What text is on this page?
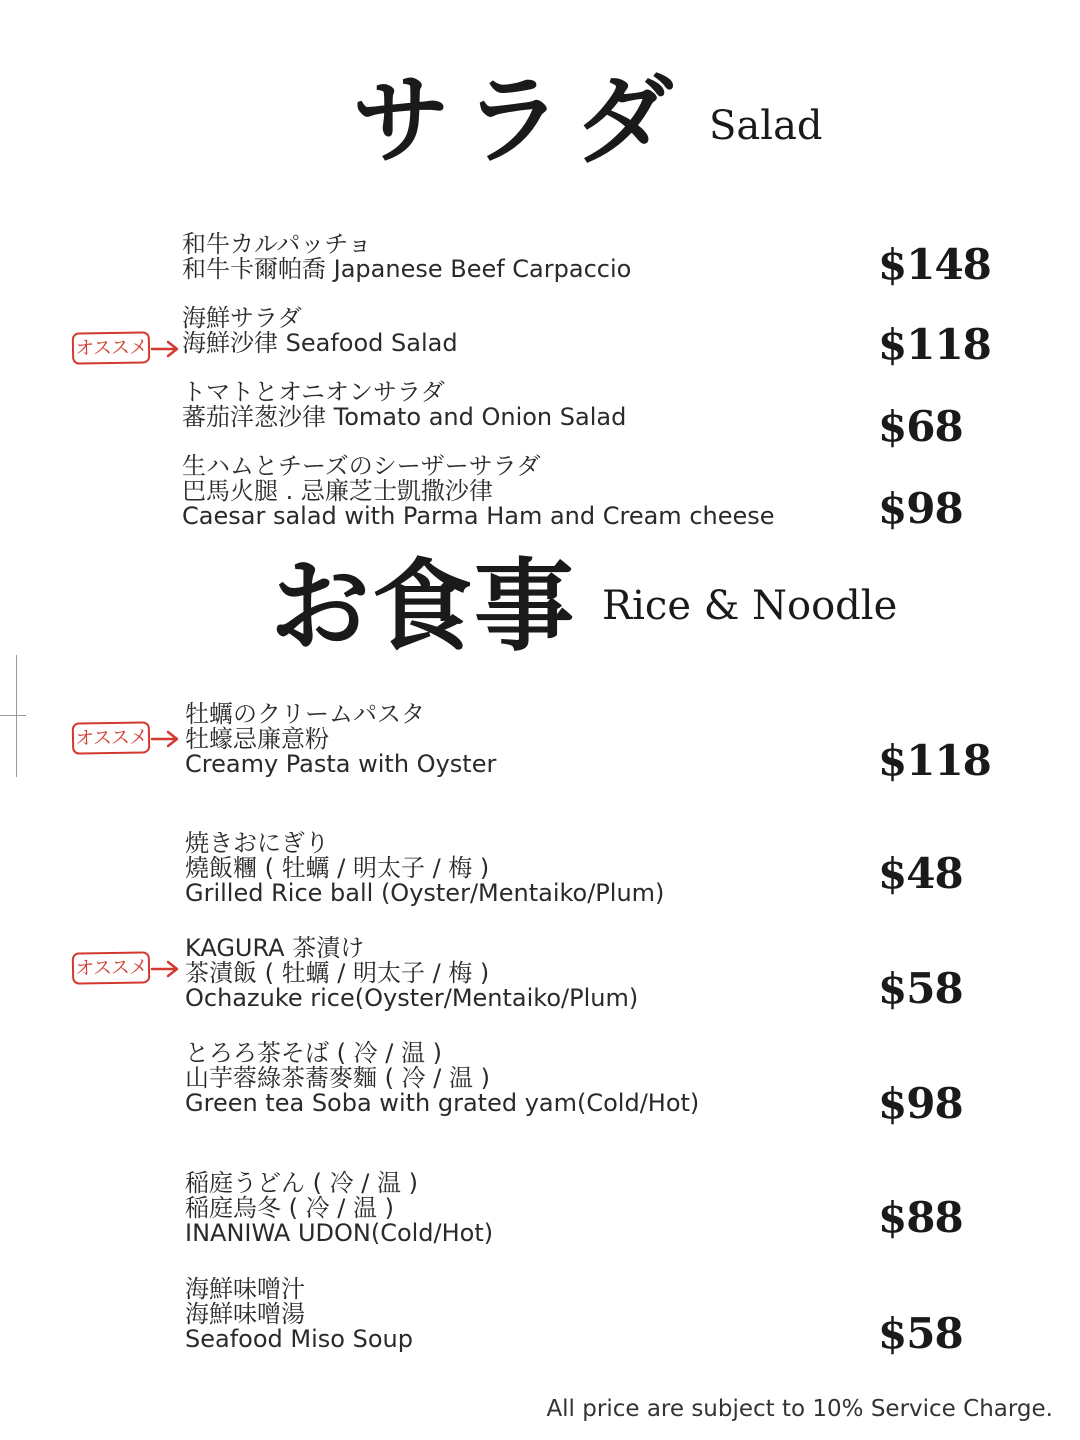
サラダ Salad
和牛カルパッチョ
和牛卡爾帕喬 Japanese Beef Carpaccio	$148
オススメ
海鮮サラダ
海鮮沙律 Seafood Salad	$118
トマトとオニオンサラダ
蕃茄洋葱沙律 Tomato and Onion Salad	$68
生ハムとチーズのシーザーサラダ
巴馬火腿 . 忌廉芝士凱撒沙律
Caesar salad with Parma Ham and Cream cheese $98
お食事 Rice & Noodle
オススメ
牡蠣のクリームパスタ
牡蠔忌廉意粉
Creamy Pasta with Oyster	$118
焼きおにぎり
燒飯糰 ( 牡蠣 / 明太子 / 梅 )
Grilled Rice ball (Oyster/Mentaiko/Plum)	$48
オススメ
KAGURA 茶漬け
茶漬飯 ( 牡蠣 / 明太子 / 梅 )
Ochazuke rice(Oyster/Mentaiko/Plum)	$58
とろろ茶そば ( 冷 / 温 )
山芋蓉綠茶蕎麥麵 ( 冷 / 温 )
Green tea Soba with grated yam(Cold/Hot)	$98
稲庭うどん ( 冷 / 温 )
稲庭烏冬 ( 冷 / 温 )
INANIWA UDON(Cold/Hot)	$88
海鮮味噌汁
海鮮味噌湯
Seafood Miso Soup	$58
All price are subject to 10% Service Charge.
